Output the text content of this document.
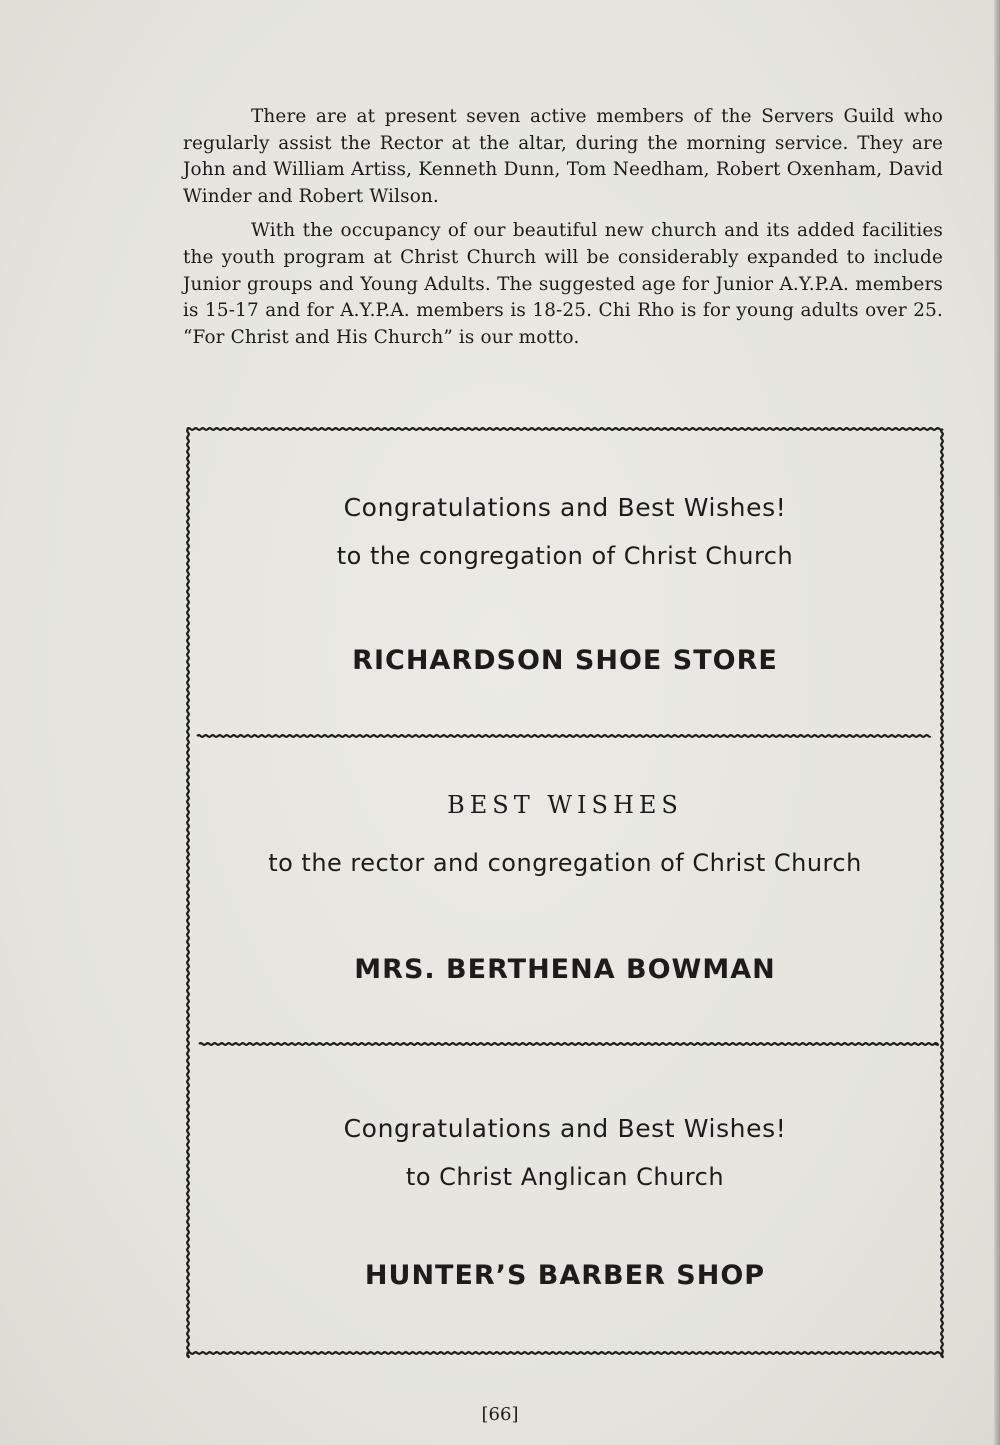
There are at present seven active members of the Servers Guild who regularly assist the Rector at the altar, during the morning service. They are John and William Artiss, Kenneth Dunn, Tom Needham, Robert Oxenham, David Winder and Robert Wilson.

With the occupancy of our beautiful new church and its added facilities the youth program at Christ Church will be considerably expanded to include Junior groups and Young Adults. The suggested age for Junior A.Y.P.A. members is 15-17 and for A.Y.P.A. members is 18-25. Chi Rho is for young adults over 25. “For Christ and His Church” is our motto.

Congratulations and Best Wishes!
to the congregation of Christ Church
RICHARDSON SHOE STORE
BEST WISHES
to the rector and congregation of Christ Church
MRS. BERTHENA BOWMAN
Congratulations and Best Wishes!
to Christ Anglican Church
HUNTER’S BARBER SHOP
[66]
